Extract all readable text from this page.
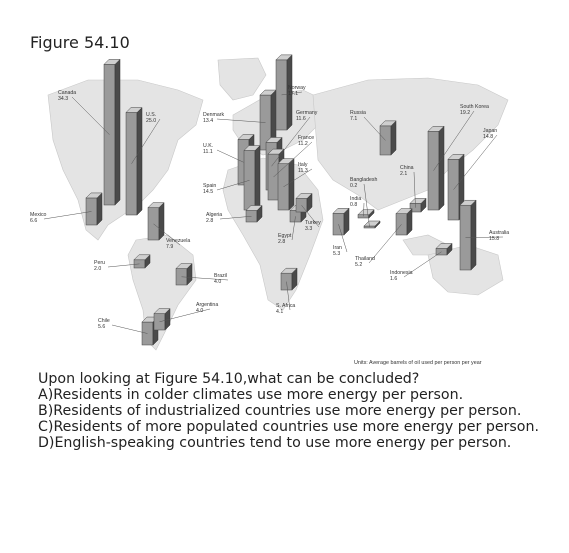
Figure 54.10
Canada
34.3
U.S.
25.0
Denmark
13.4
U.K.
11.1
Norway
17.1
Germany
11.6
France
11.2
Russia
7.1
Spain
14.5
Italy
11.3
Algeria
2.8
Mexico
6.6
Venezuela
7.9
Peru
2.0
Brazil
4.0
Chile
5.6
Argentina
4.0
Egypt
2.8
S. Africa
4.1
Turkey
3.3
Iran
5.3
Bangladesh
0.2
India
0.8
China
2.1
Thailand
5.2
Indonesia
1.6
South Korea
19.2
Japan
14.8
Australia
15.8
Units: Average barrels of oil used per person per year

Upon looking at Figure 54.10,what can be concluded?

A)Residents in colder climates use more energy per person.

B)Residents of industrialized countries use more energy per person.

C)Residents of more populated countries use more energy per person.

D)English-speaking countries tend to use more energy per person.
